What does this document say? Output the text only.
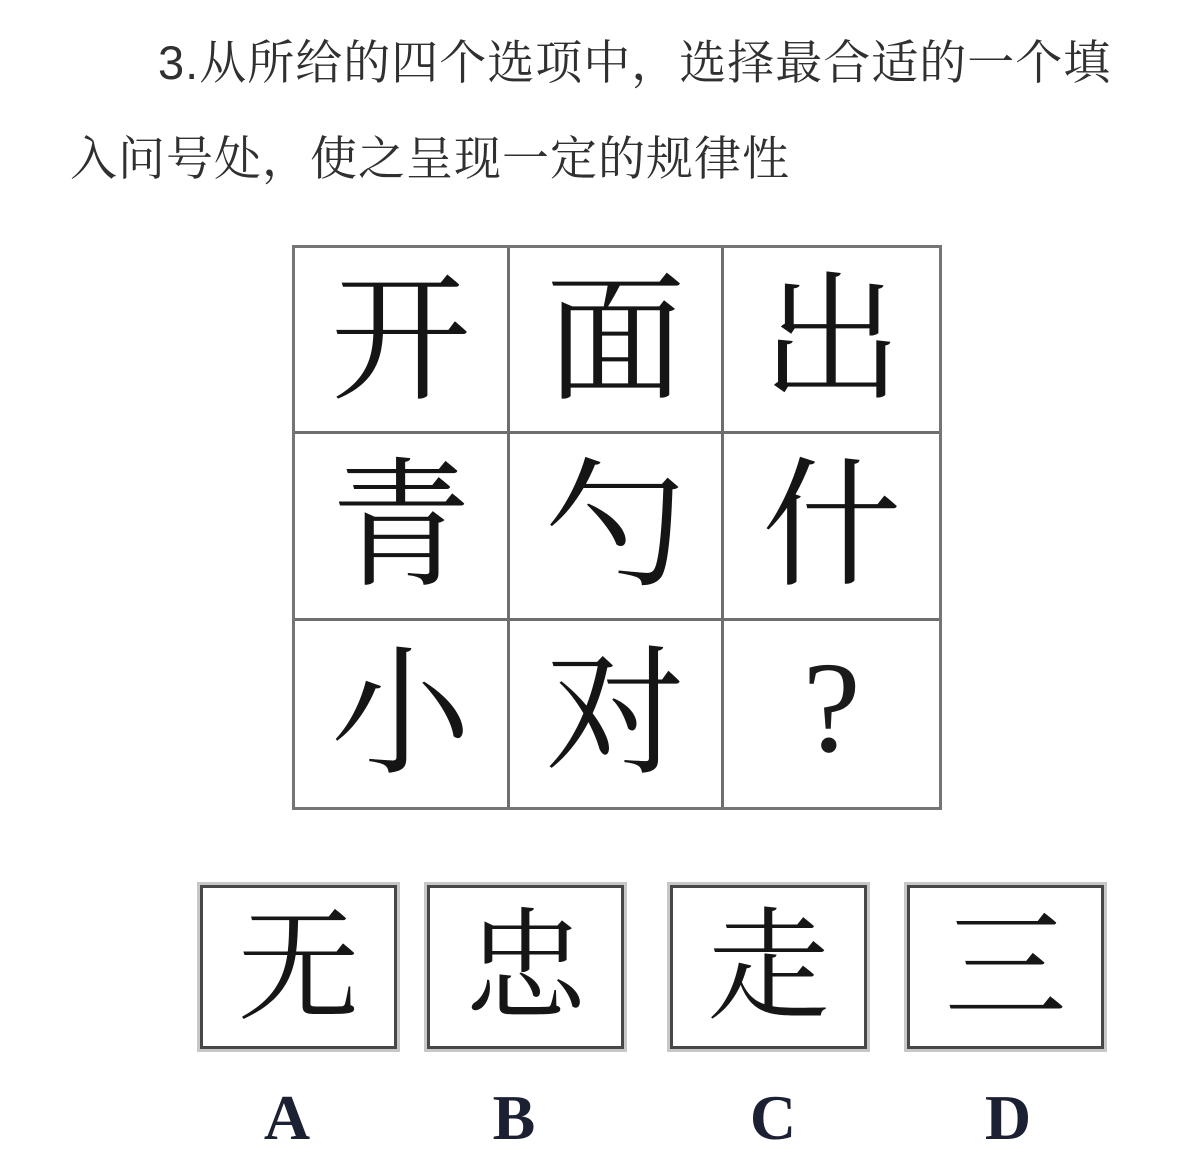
3.从所给的四个选项中，选择最合适的一个填
入问号处，使之呈现一定的规律性
开 面 出
青 勺 什
小 对 ?
无 忠 走 三
A	B	C	D
